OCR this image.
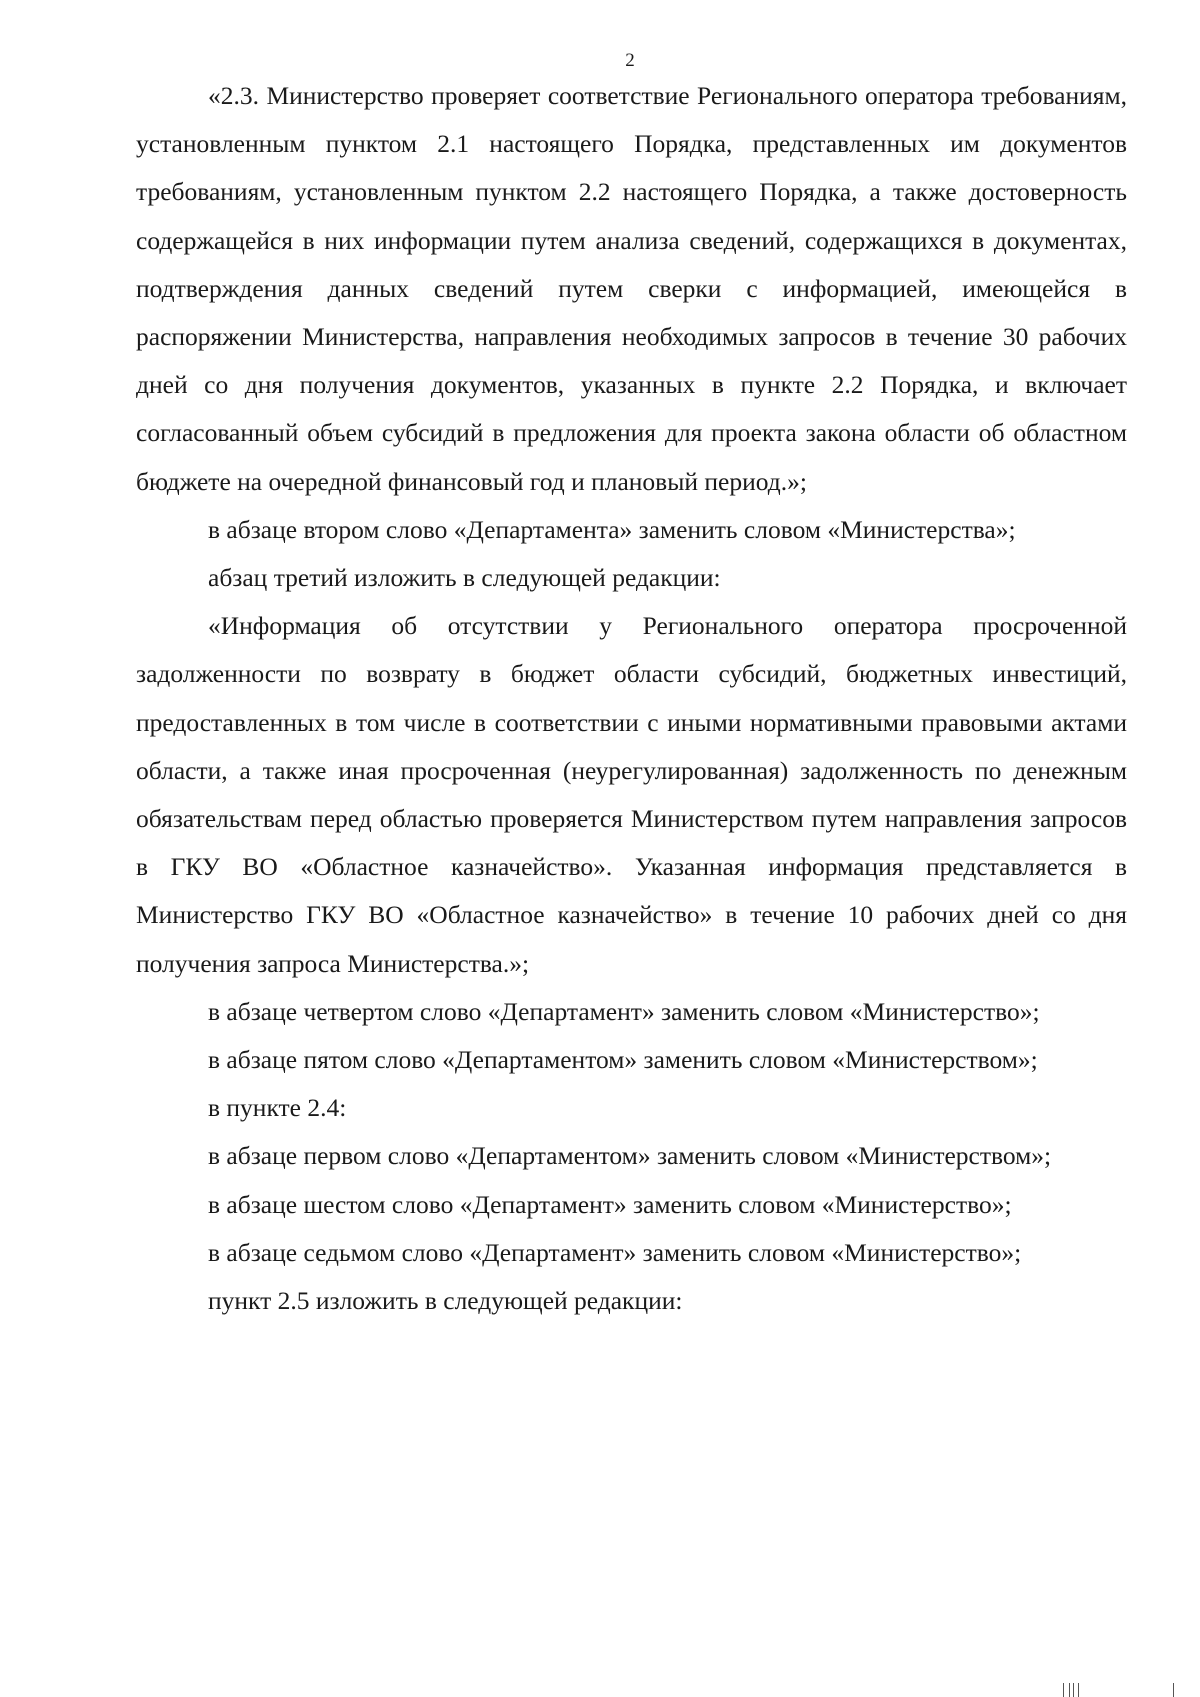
2

«2.3. Министерство проверяет соответствие Регионального оператора требованиям, установленным пунктом 2.1 настоящего Порядка, представленных им документов требованиям, установленным пунктом 2.2 настоящего Порядка, а также достоверность содержащейся в них информации путем анализа сведений, содержащихся в документах, подтверждения данных сведений путем сверки с информацией, имеющейся в распоряжении Министерства, направления необходимых запросов в течение 30 рабочих дней со дня получения документов, указанных в пункте 2.2 Порядка, и включает согласованный объем субсидий в предложения для проекта закона области об областном бюджете на очередной финансовый год и плановый период.»;

в абзаце втором слово «Департамента» заменить словом «Министерства»;

абзац третий изложить в следующей редакции:

«Информация об отсутствии у Регионального оператора просроченной задолженности по возврату в бюджет области субсидий, бюджетных инвестиций, предоставленных в том числе в соответствии с иными нормативными правовыми актами области, а также иная просроченная (неурегулированная) задолженность по денежным обязательствам перед областью проверяется Министерством путем направления запросов в ГКУ ВО «Областное казначейство». Указанная информация представляется в Министерство ГКУ ВО «Областное казначейство» в течение 10 рабочих дней со дня получения запроса Министерства.»;

в абзаце четвертом слово «Департамент» заменить словом «Министерство»;

в абзаце пятом слово «Департаментом» заменить словом «Министерством»;

в пункте 2.4:

в абзаце первом слово «Департаментом» заменить словом «Министерством»;

в абзаце шестом слово «Департамент» заменить словом «Министерство»;

в абзаце седьмом слово «Департамент» заменить словом «Министерство»;

пункт 2.5 изложить в следующей редакции:
